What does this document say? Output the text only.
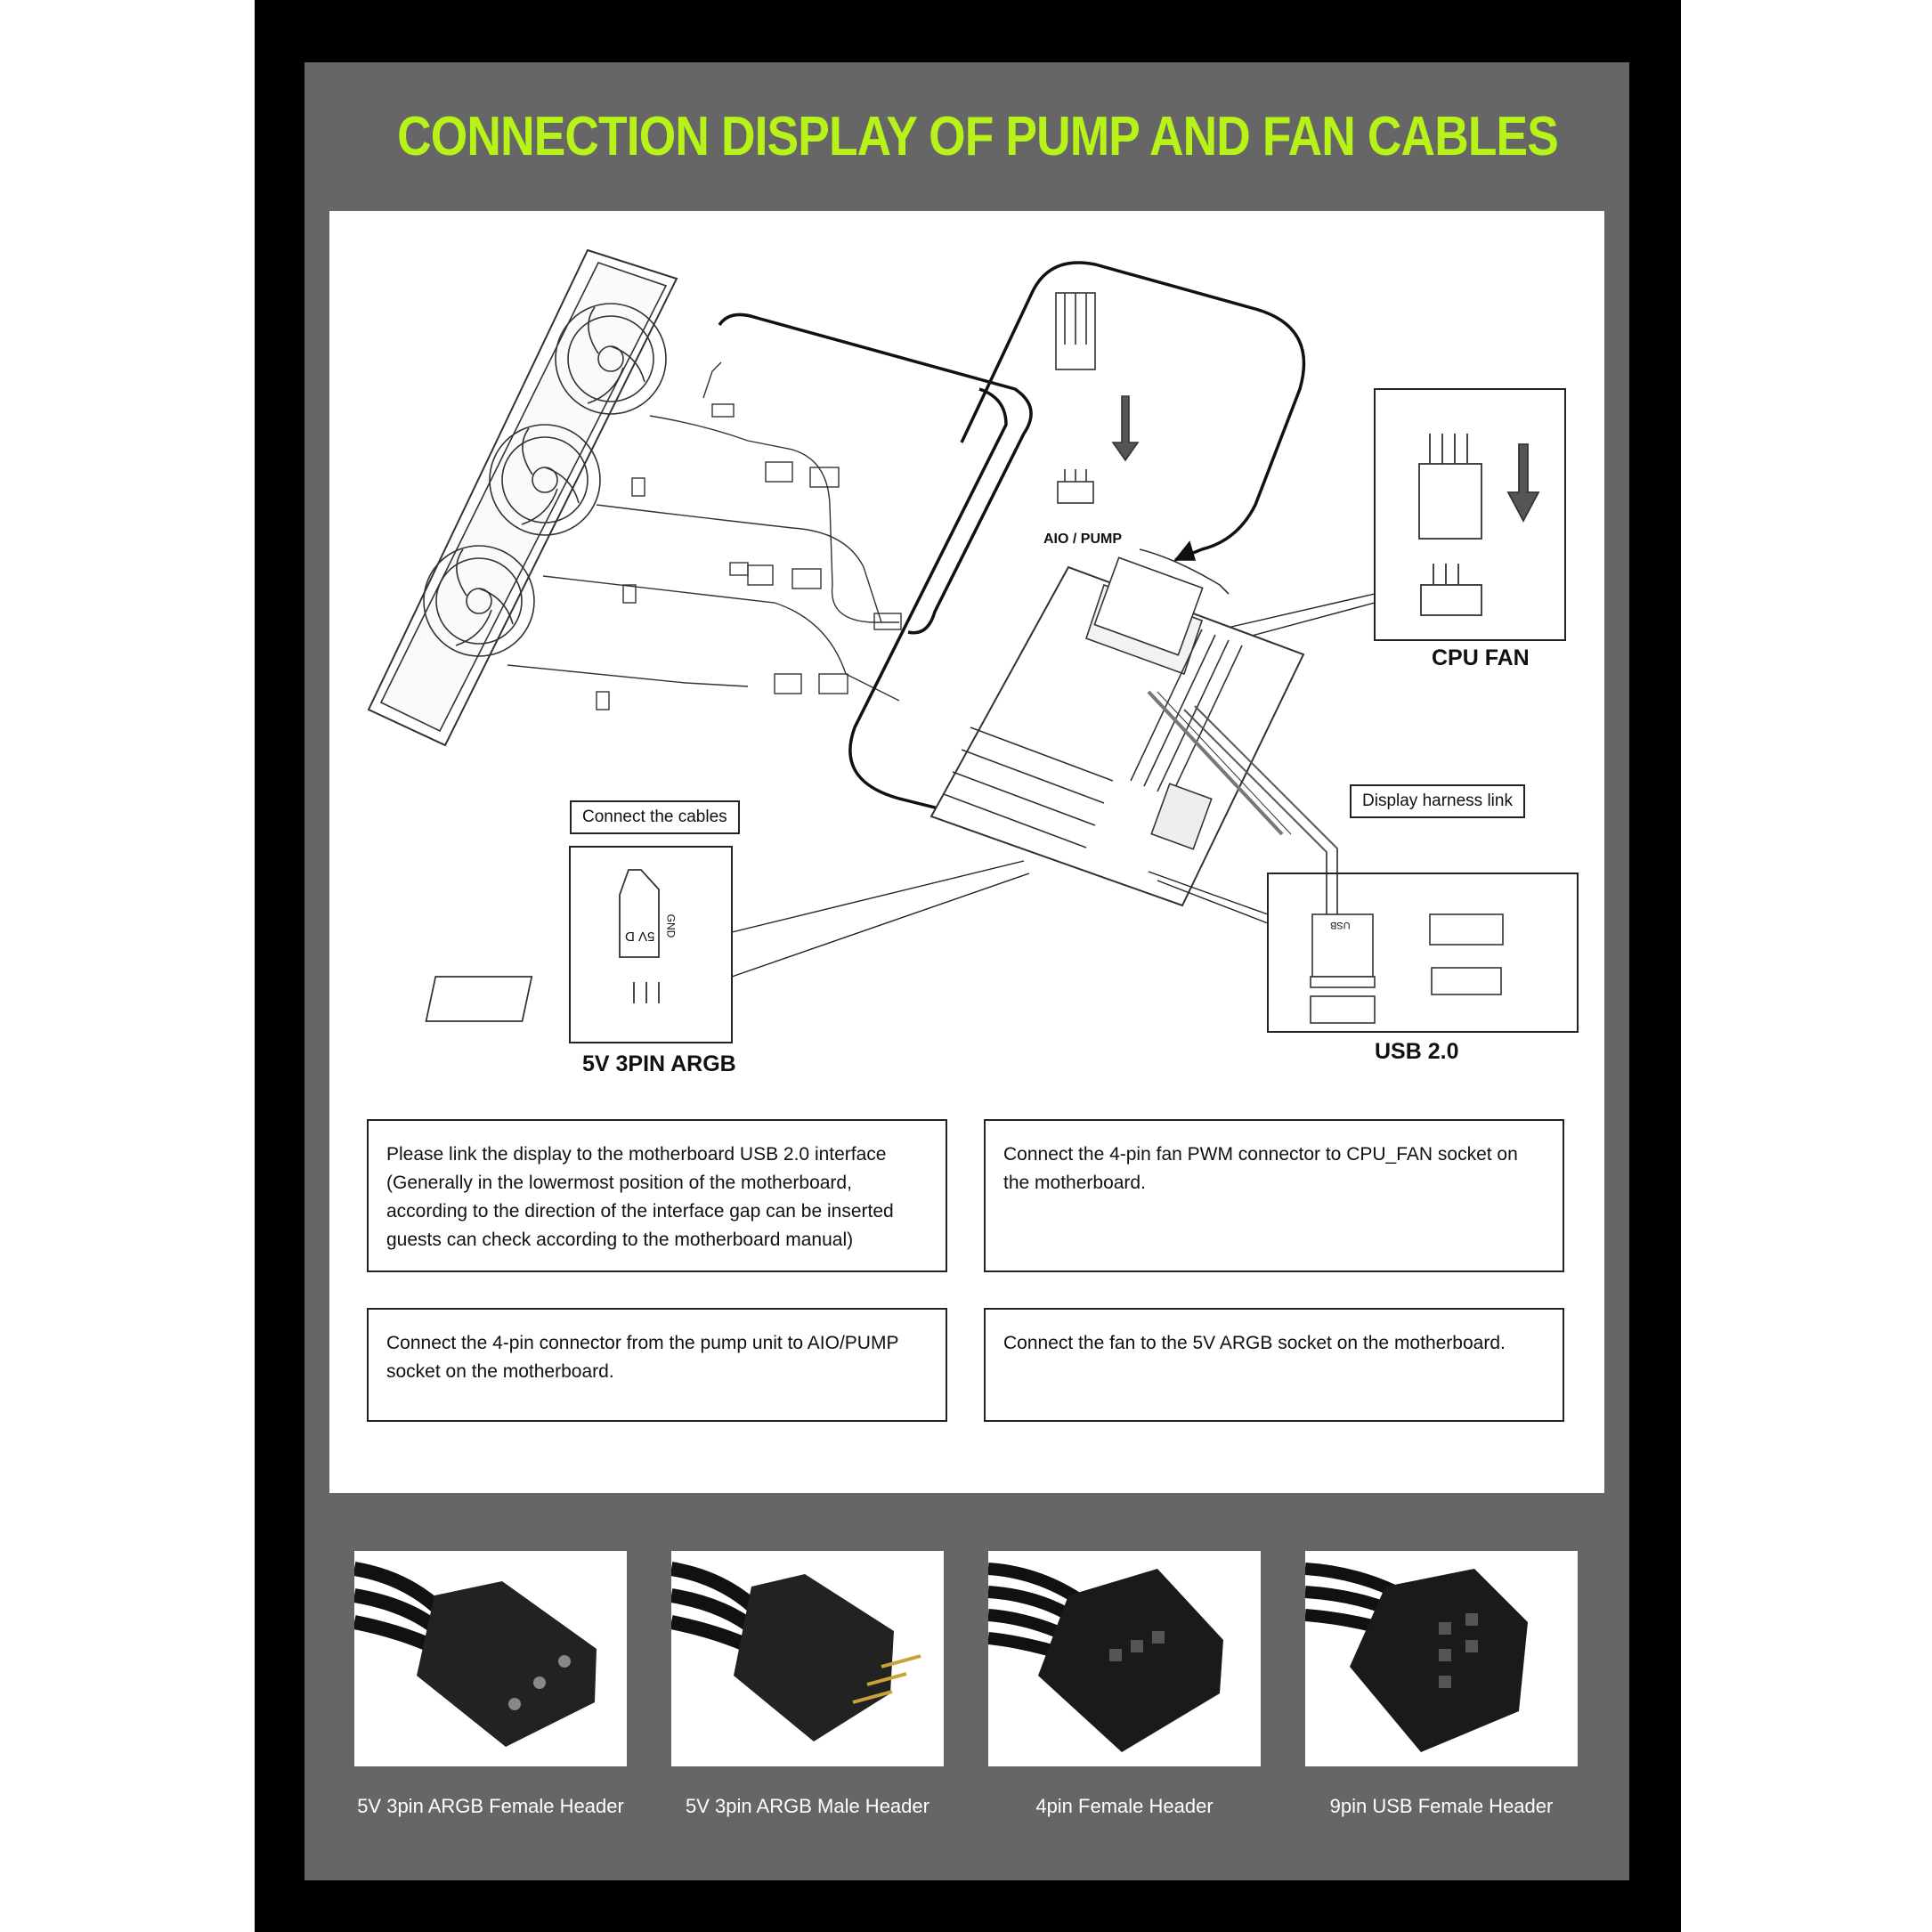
CONNECTION DISPLAY OF PUMP AND FAN CABLES
AIO / PUMP
CPU FAN
Display harness link
Connect the cables
5V 3PIN ARGB	USB 2.0
5V D GND	USB
Please link the display to the motherboard USB 2.0 interface (Generally in the lowermost position of the motherboard, according to the direction of the interface gap can be inserted guests can check according to the motherboard manual)
Connect the 4-pin fan PWM connector to CPU_FAN socket on the motherboard.
Connect the 4-pin connector from the pump unit to AIO/PUMP socket on the motherboard.
Connect the fan to the 5V ARGB socket on the motherboard.
5V 3pin ARGB Female Header	5V 3pin ARGB Male Header	4pin Female Header	9pin USB Female Header
